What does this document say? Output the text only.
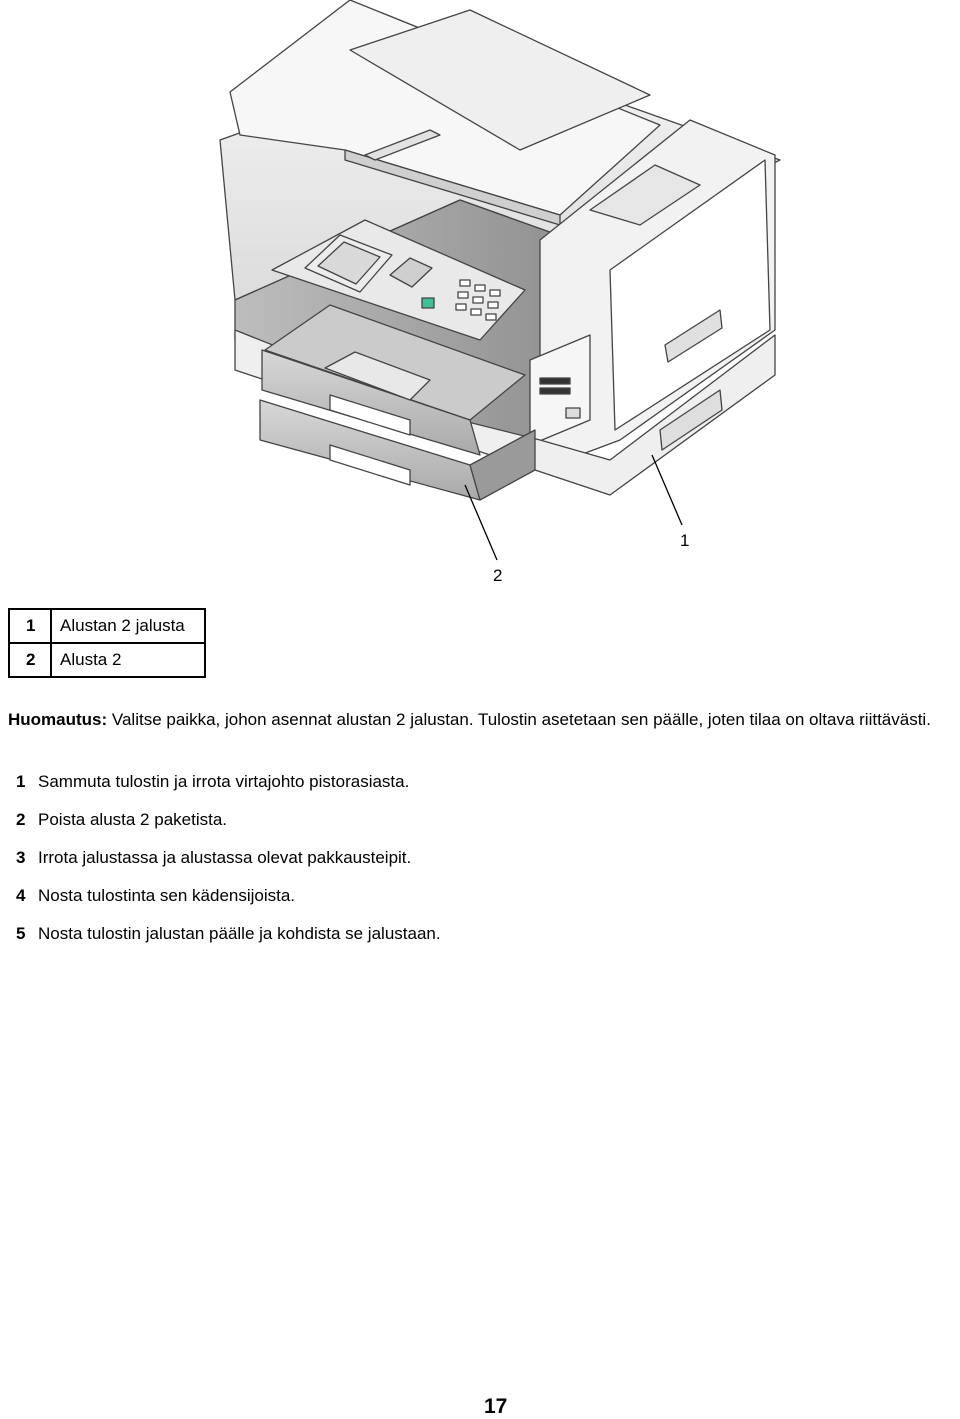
1
2
1	Alustan 2 jalusta
2	Alusta 2
Huomautus: Valitse paikka, johon asennat alustan 2 jalustan. Tulostin asetetaan sen päälle, joten tilaa on oltava riittävästi.
1 Sammuta tulostin ja irrota virtajohto pistorasiasta.
2 Poista alusta 2 paketista.
3 Irrota jalustassa ja alustassa olevat pakkausteipit.
4 Nosta tulostinta sen kädensijoista.
5 Nosta tulostin jalustan päälle ja kohdista se jalustaan.
17
